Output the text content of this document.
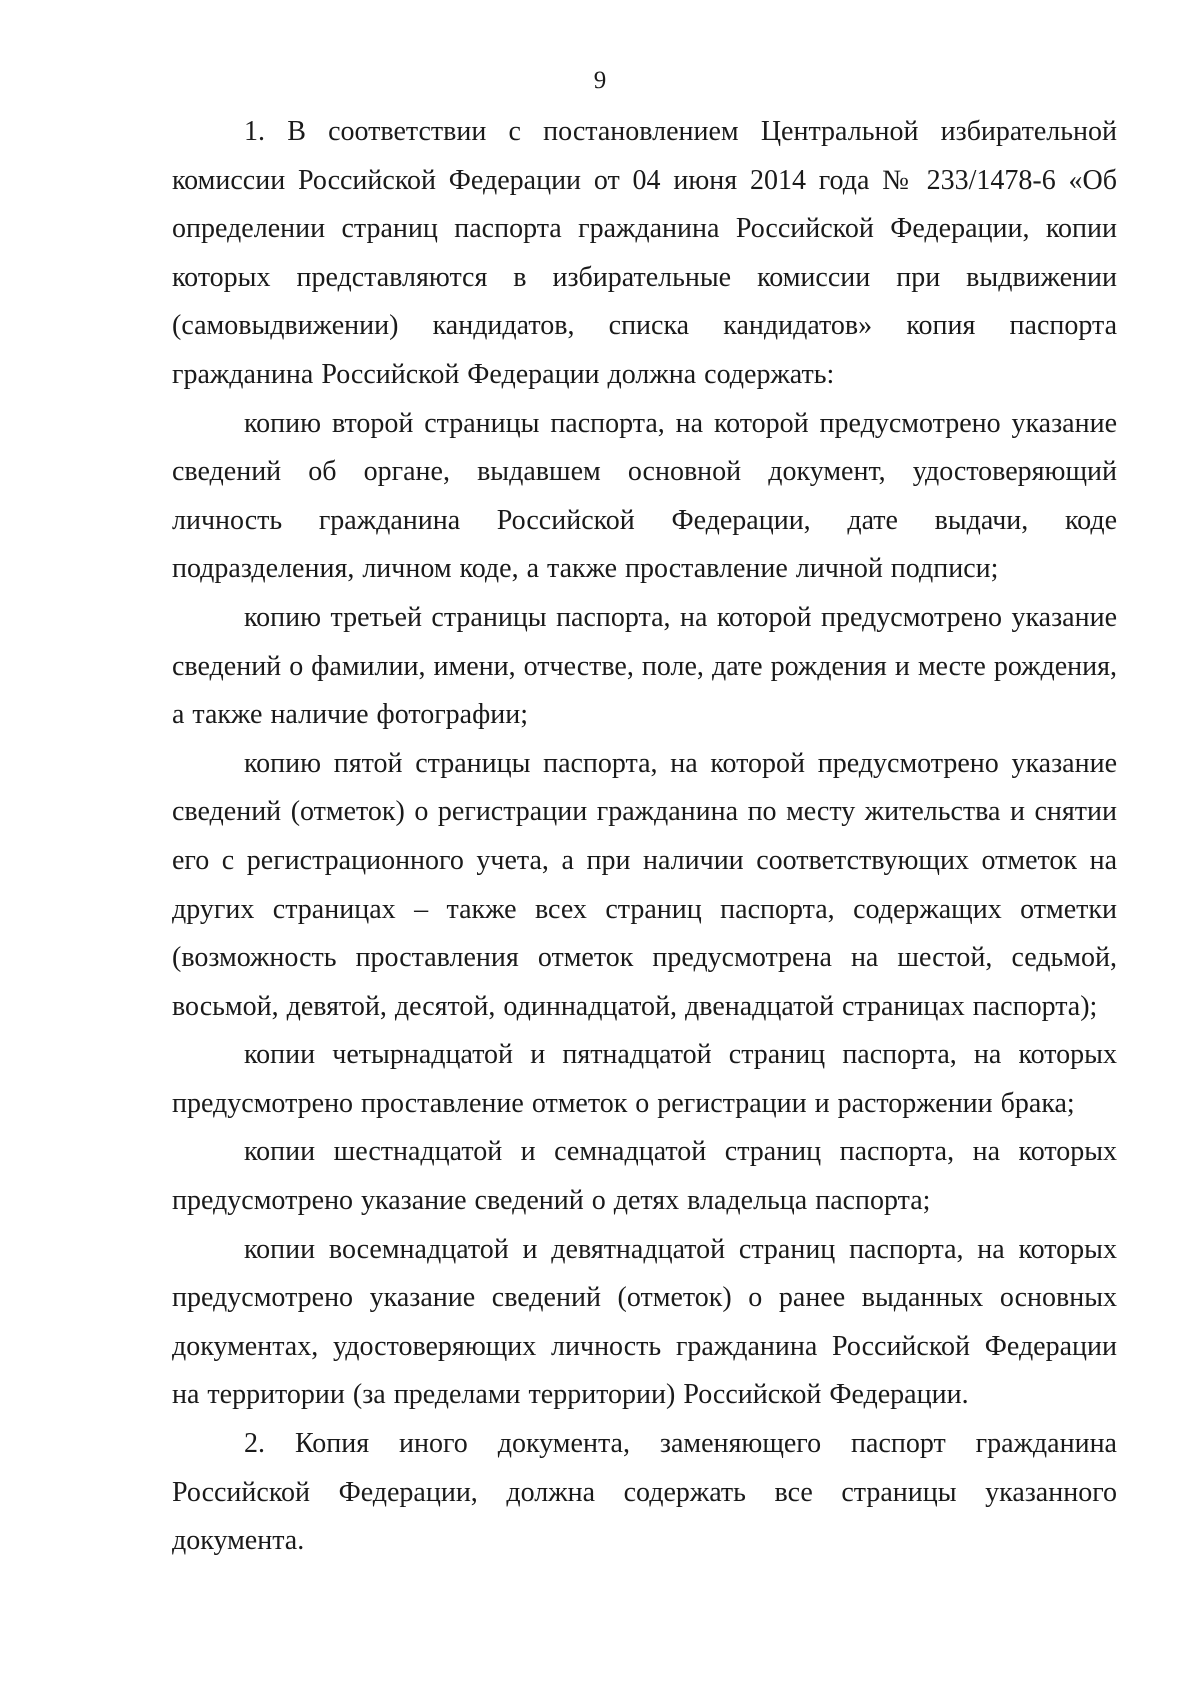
9

1. В соответствии с постановлением Центральной избирательной комиссии Российской Федерации от 04 июня 2014 года № 233/1478-6 «Об определении страниц паспорта гражданина Российской Федерации, копии которых представляются в избирательные комиссии при выдвижении (самовыдвижении) кандидатов, списка кандидатов» копия паспорта гражданина Российской Федерации должна содержать:

копию второй страницы паспорта, на которой предусмотрено указание сведений об органе, выдавшем основной документ, удостоверяющий личность гражданина Российской Федерации, дате выдачи, коде подразделения, личном коде, а также проставление личной подписи;

копию третьей страницы паспорта, на которой предусмотрено указание сведений о фамилии, имени, отчестве, поле, дате рождения и месте рождения, а также наличие фотографии;

копию пятой страницы паспорта, на которой предусмотрено указание сведений (отметок) о регистрации гражданина по месту жительства и снятии его с регистрационного учета, а при наличии соответствующих отметок на других страницах – также всех страниц паспорта, содержащих отметки (возможность проставления отметок предусмотрена на шестой, седьмой, восьмой, девятой, десятой, одиннадцатой, двенадцатой страницах паспорта);

копии четырнадцатой и пятнадцатой страниц паспорта, на которых предусмотрено проставление отметок о регистрации и расторжении брака;

копии шестнадцатой и семнадцатой страниц паспорта, на которых предусмотрено указание сведений о детях владельца паспорта;

копии восемнадцатой и девятнадцатой страниц паспорта, на которых предусмотрено указание сведений (отметок) о ранее выданных основных документах, удостоверяющих личность гражданина Российской Федерации на территории (за пределами территории) Российской Федерации.

2. Копия иного документа, заменяющего паспорт гражданина Российской Федерации, должна содержать все страницы указанного документа.
